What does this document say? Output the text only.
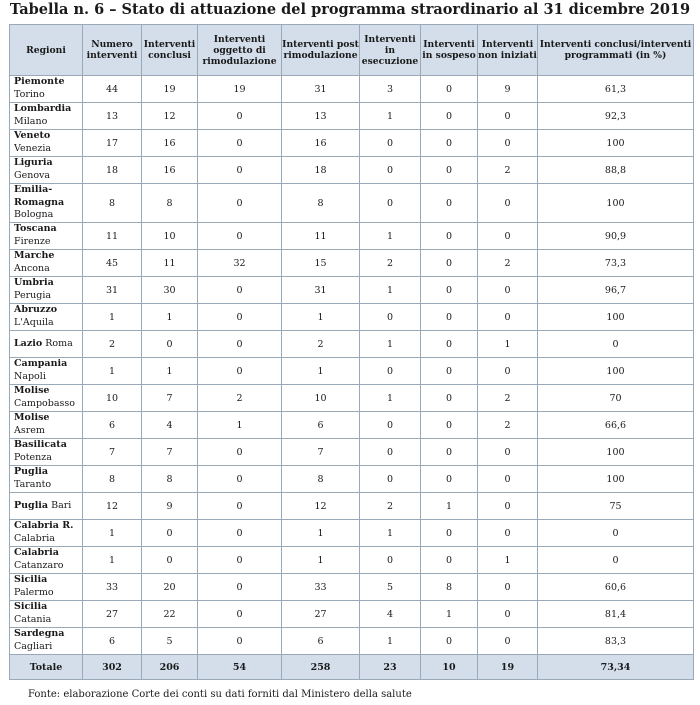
Tabella n. 6 – Stato di attuazione del programma straordinario al 31 dicembre 2019
Regioni	Numero interventi	Interventi conclusi	Interventi oggetto di rimodulazione	Interventi post rimodulazione	Interventi in esecuzione	Interventi in sospeso	Interventi non iniziati	Interventi conclusi/interventi programmati (in %)
Piemonte
Torino	44	19	19	31	3	0	9	61,3
Lombardia
Milano	13	12	0	13	1	0	0	92,3
Veneto
Venezia	17	16	0	16	0	0	0	100
Liguria
Genova	18	16	0	18	0	0	2	88,8
Emilia-Romagna
Bologna	8	8	0	8	0	0	0	100
Toscana
Firenze	11	10	0	11	1	0	0	90,9
Marche
Ancona	45	11	32	15	2	0	2	73,3
Umbria
Perugia	31	30	0	31	1	0	0	96,7
Abruzzo
L'Aquila	1	1	0	1	0	0	0	100
Lazio Roma	2	0	0	2	1	0	1	0
Campania
Napoli	1	1	0	1	0	0	0	100
Molise
Campobasso	10	7	2	10	1	0	2	70
Molise
Asrem	6	4	1	6	0	0	2	66,6
Basilicata
Potenza	7	7	0	7	0	0	0	100
Puglia
Taranto	8	8	0	8	0	0	0	100
Puglia Bari	12	9	0	12	2	1	0	75
Calabria R.
Calabria	1	0	0	1	1	0	0	0
Calabria
Catanzaro	1	0	0	1	0	0	1	0
Sicilia
Palermo	33	20	0	33	5	8	0	60,6
Sicilia
Catania	27	22	0	27	4	1	0	81,4
Sardegna
Cagliari	6	5	0	6	1	0	0	83,3
Totale	302	206	54	258	23	10	19	73,34
Fonte: elaborazione Corte dei conti su dati forniti dal Ministero della salute
